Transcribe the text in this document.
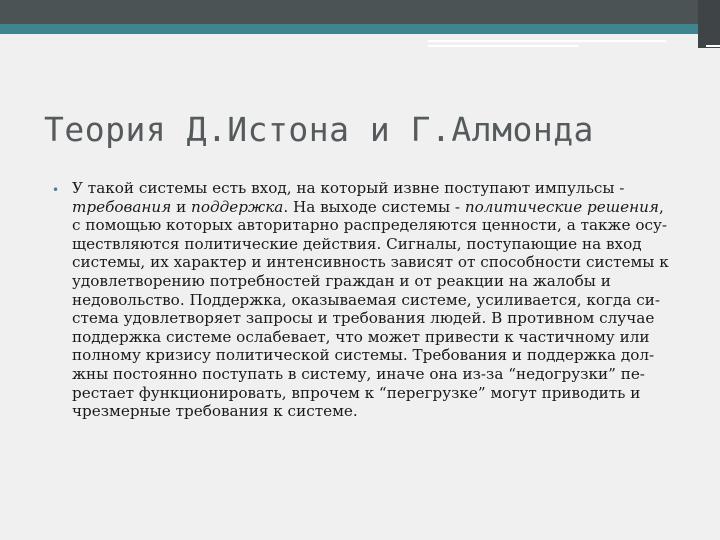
Теория Д.Истона и Г.Алмонда
• У такой системы есть вход, на который извне поступают импульсы - требования и поддержка. На выходе системы - политические решения, с помощью которых авторитарно распределяются ценности, а также осу-ществляются политические действия. Сигналы, поступающие на вход системы, их характер и интенсивность зависят от способности системы к удовлетворению потребностей граждан и от реакции на жалобы и недовольство. Поддержка, оказываемая системе, усиливается, когда си-стема удовлетворяет запросы и требования людей. В противном случае поддержка системе ослабевает, что может привести к частичному или полному кризису политической системы. Требования и поддержка дол-жны постоянно поступать в систему, иначе она из-за “недогрузки” пе-рестает функционировать, впрочем к “перегрузке” могут приводить и чрезмерные требования к системе.
